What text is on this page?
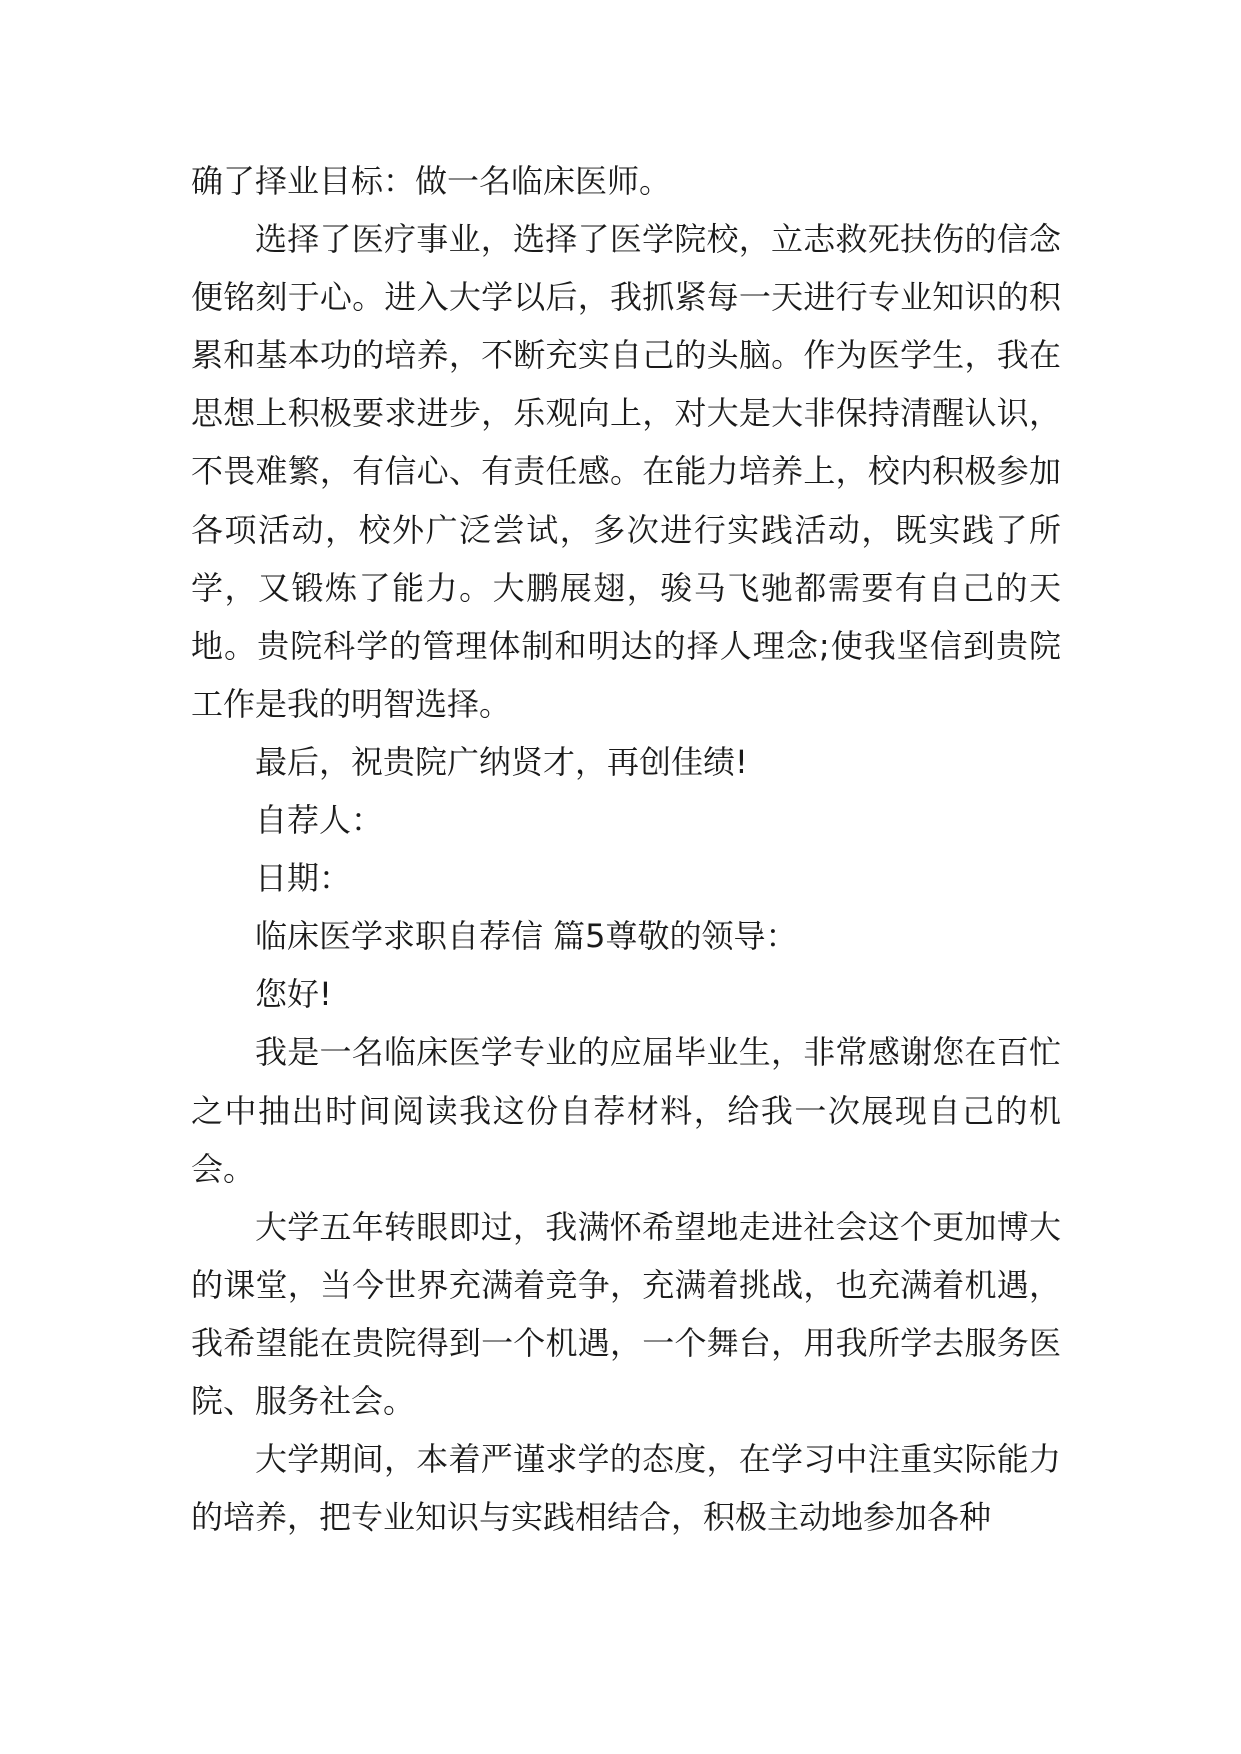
确了择业目标：做一名临床医师。

选择了医疗事业，选择了医学院校，立志救死扶伤的信念便铭刻于心。进入大学以后，我抓紧每一天进行专业知识的积累和基本功的培养，不断充实自己的头脑。作为医学生，我在思想上积极要求进步，乐观向上，对大是大非保持清醒认识，不畏难繁，有信心、有责任感。在能力培养上，校内积极参加各项活动，校外广泛尝试，多次进行实践活动，既实践了所学，又锻炼了能力。大鹏展翅，骏马飞驰都需要有自己的天地。贵院科学的管理体制和明达的择人理念;使我坚信到贵院工作是我的明智选择。

最后，祝贵院广纳贤才，再创佳绩!

自荐人：

日期：

临床医学求职自荐信 篇5尊敬的领导：

您好!

我是一名临床医学专业的应届毕业生，非常感谢您在百忙之中抽出时间阅读我这份自荐材料，给我一次展现自己的机会。

大学五年转眼即过，我满怀希望地走进社会这个更加博大的课堂，当今世界充满着竞争，充满着挑战，也充满着机遇，我希望能在贵院得到一个机遇，一个舞台，用我所学去服务医院、服务社会。

大学期间，本着严谨求学的态度，在学习中注重实际能力的培养，把专业知识与实践相结合，积极主动地参加各种
